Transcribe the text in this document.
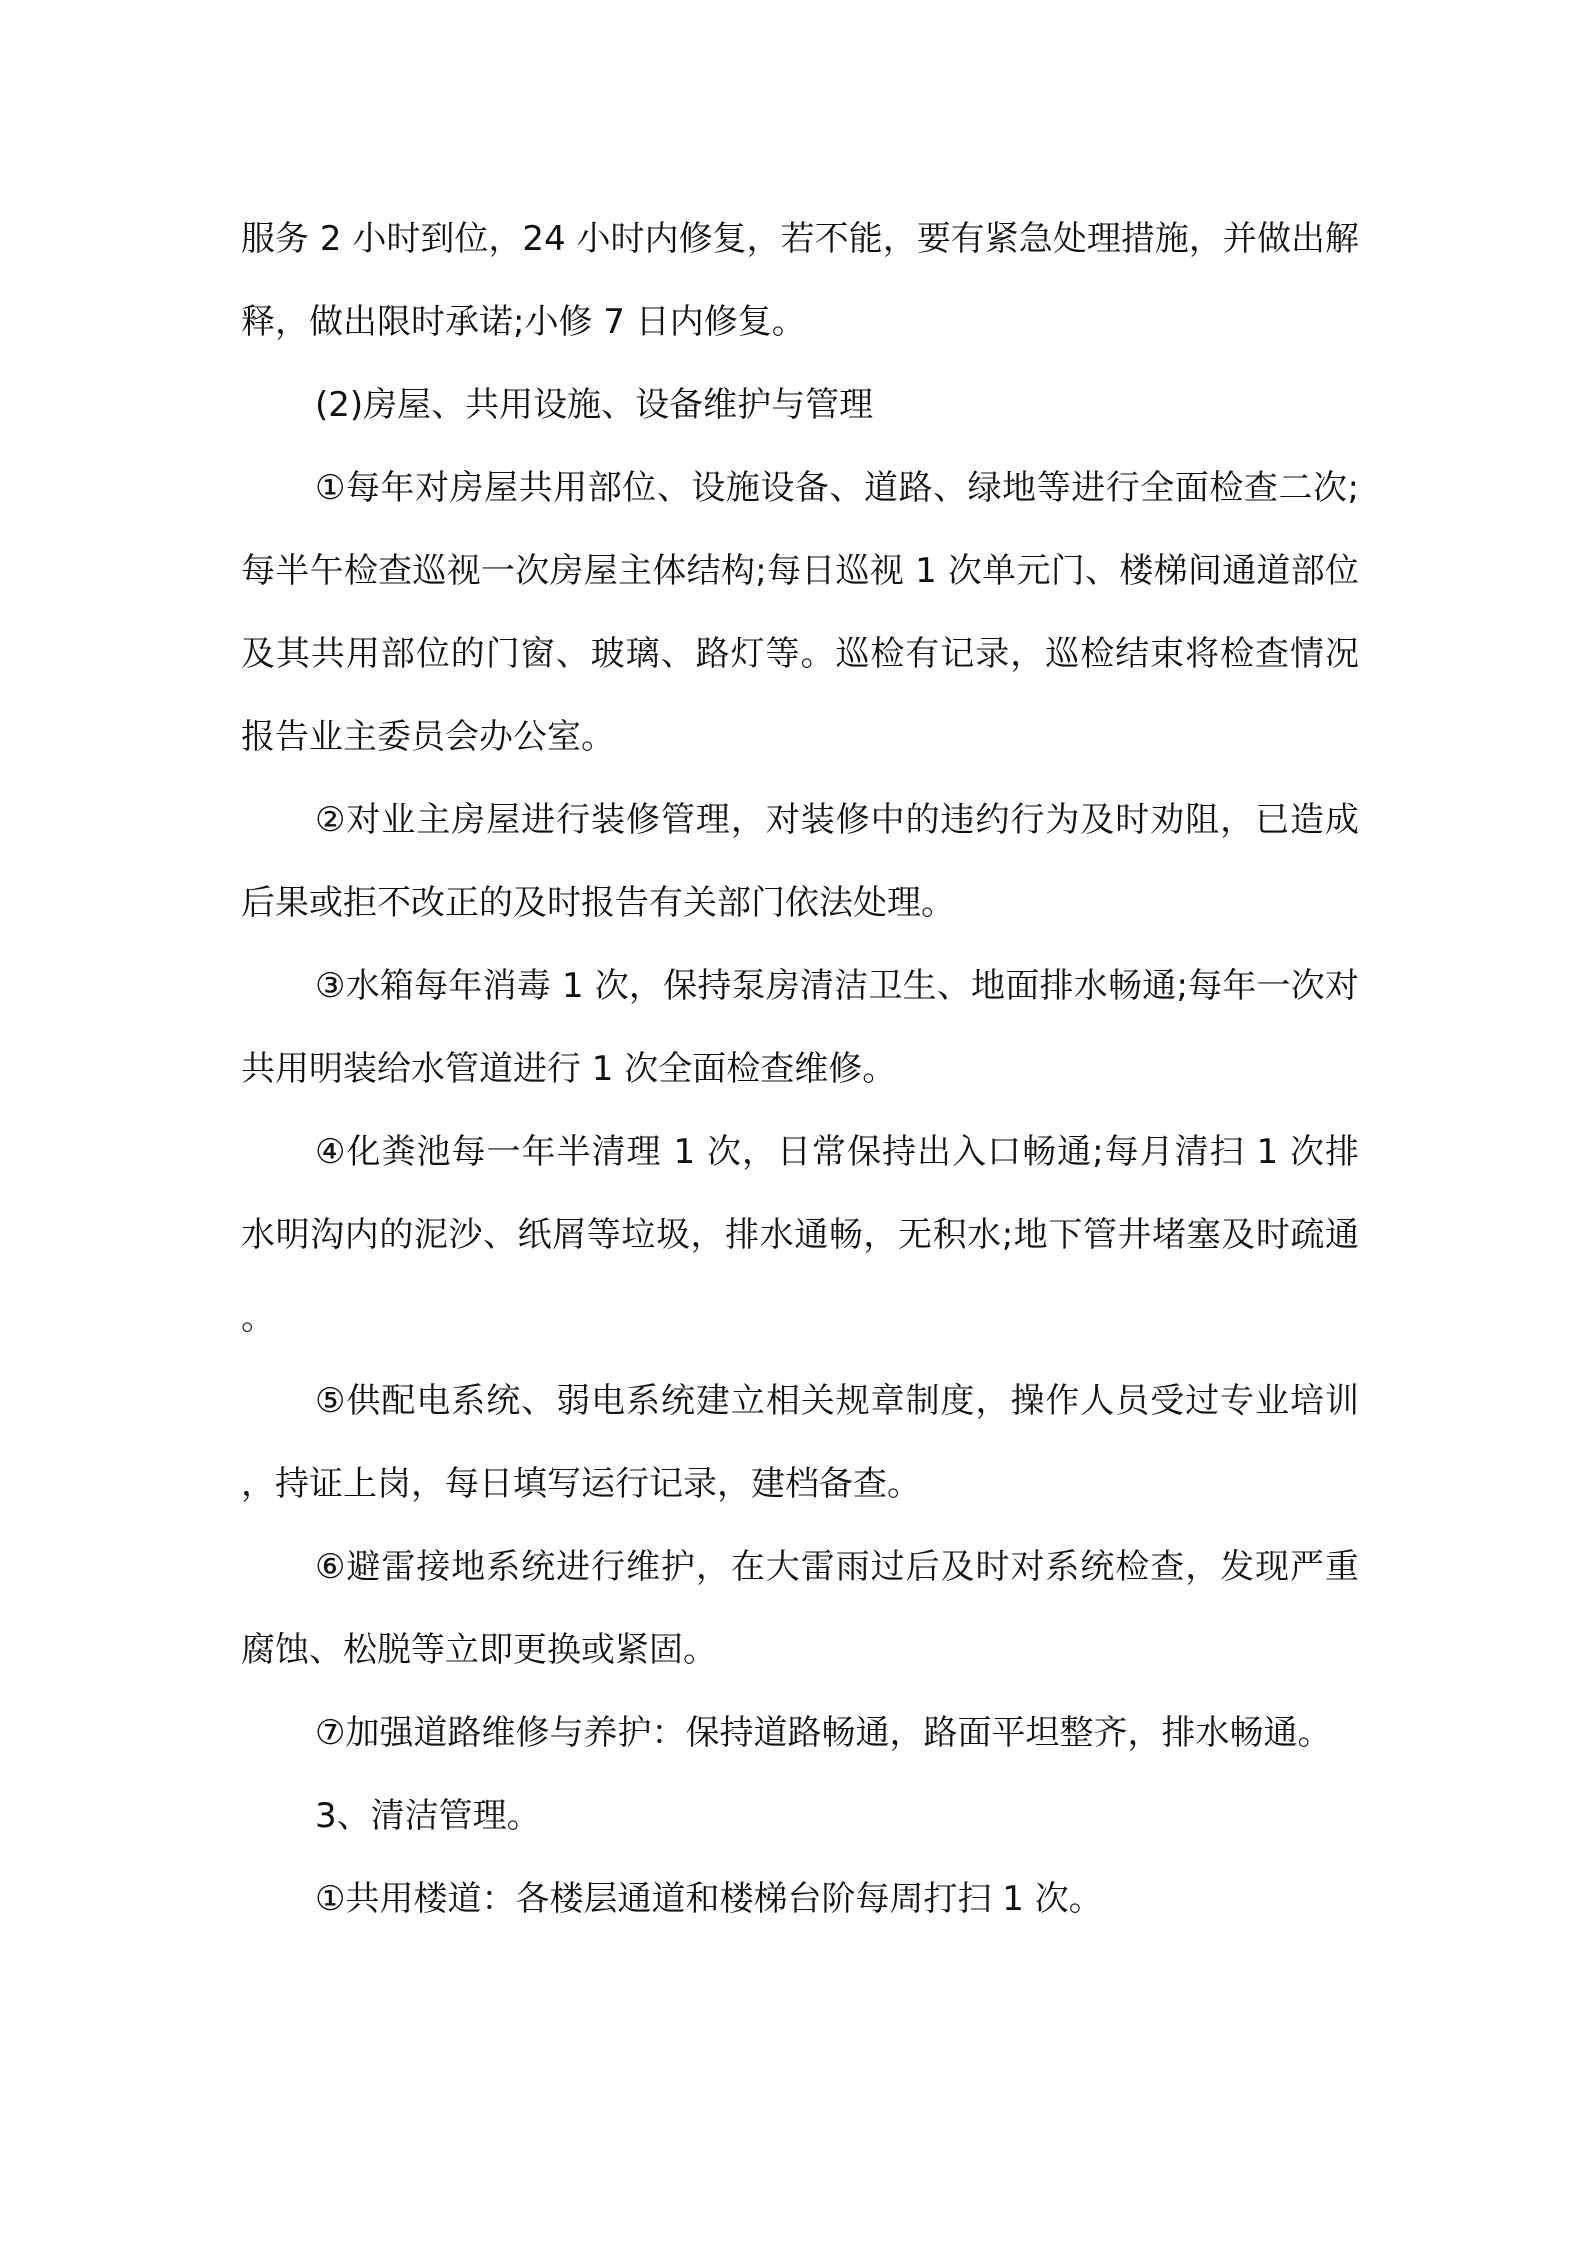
服务 2 小时到位，24 小时内修复，若不能，要有紧急处理措施，并做出解释，做出限时承诺;小修 7 日内修复。

(2)房屋、共用设施、设备维护与管理

①每年对房屋共用部位、设施设备、道路、绿地等进行全面检查二次;每半午检查巡视一次房屋主体结构;每日巡视 1 次单元门、楼梯间通道部位及其共用部位的门窗、玻璃、路灯等。巡检有记录，巡检结束将检查情况报告业主委员会办公室。

②对业主房屋进行装修管理，对装修中的违约行为及时劝阻，已造成后果或拒不改正的及时报告有关部门依法处理。

③水箱每年消毒 1 次，保持泵房清洁卫生、地面排水畅通;每年一次对共用明装给水管道进行 1 次全面检查维修。

④化粪池每一年半清理 1 次，日常保持出入口畅通;每月清扫 1 次排水明沟内的泥沙、纸屑等垃圾，排水通畅，无积水;地下管井堵塞及时疏通。

⑤供配电系统、弱电系统建立相关规章制度，操作人员受过专业培训，持证上岗，每日填写运行记录，建档备查。

⑥避雷接地系统进行维护，在大雷雨过后及时对系统检查，发现严重腐蚀、松脱等立即更换或紧固。

⑦加强道路维修与养护：保持道路畅通，路面平坦整齐，排水畅通。

3、清洁管理。

①共用楼道：各楼层通道和楼梯台阶每周打扫 1 次。
